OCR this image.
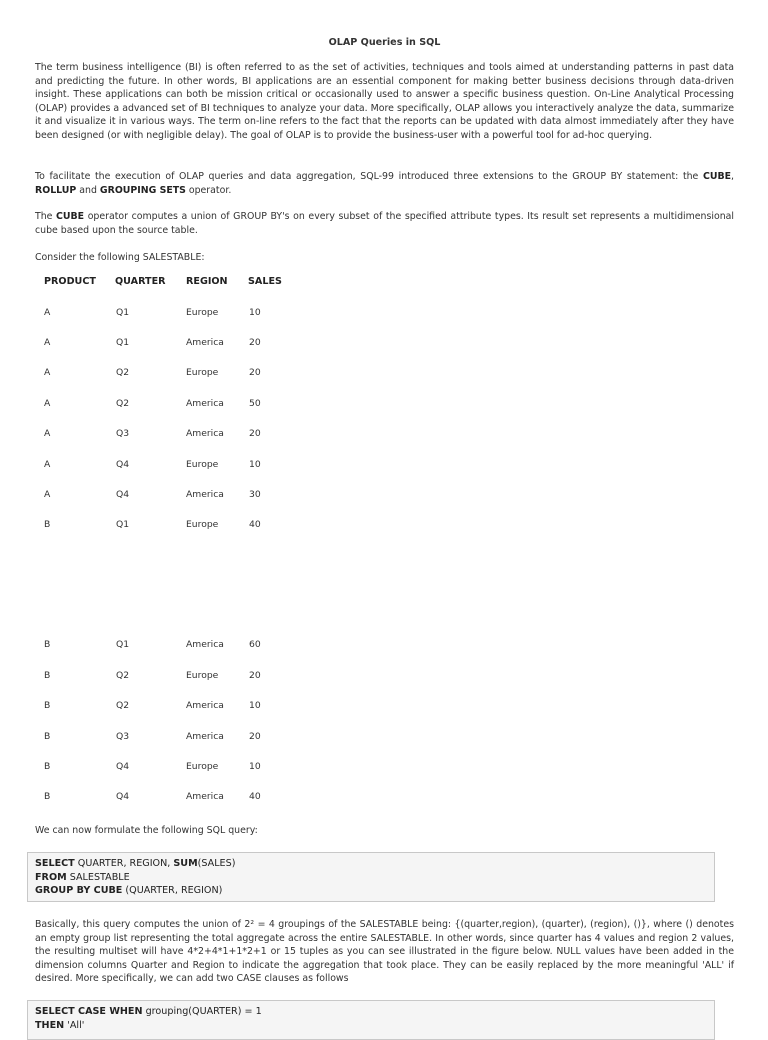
OLAP Queries in SQL

The term business intelligence (BI) is often referred to as the set of activities, techniques and tools aimed at understanding patterns in past data and predicting the future. In other words, BI applications are an essential component for making better business decisions through data-driven insight. These applications can both be mission critical or occasionally used to answer a specific business question. On-Line Analytical Processing (OLAP) provides a advanced set of BI techniques to analyze your data. More specifically, OLAP allows you interactively analyze the data, summarize it and visualize it in various ways. The term on-line refers to the fact that the reports can be updated with data almost immediately after they have been designed (or with negligible delay). The goal of OLAP is to provide the business-user with a powerful tool for ad-hoc querying.

To facilitate the execution of OLAP queries and data aggregation, SQL-99 introduced three extensions to the GROUP BY statement: the CUBE, ROLLUP and GROUPING SETS operator.

The CUBE operator computes a union of GROUP BY's on every subset of the specified attribute types. Its result set represents a multidimensional cube based upon the source table.

Consider the following SALESTABLE:

PRODUCT QUARTER REGION SALES
A	Q1	Europe	10
A	Q1	America	20
A	Q2	Europe	20
A	Q2	America	50
A	Q3	America	20
A	Q4	Europe	10
A	Q4	America	30
B	Q1	Europe	40
B	Q1	America	60
B	Q2	Europe	20
B	Q2	America	10
B	Q3	America	20
B	Q4	Europe	10
B	Q4	America	40

We can now formulate the following SQL query:

SELECT QUARTER, REGION, SUM(SALES)
FROM SALESTABLE
GROUP BY CUBE (QUARTER, REGION)

Basically, this query computes the union of 2² = 4 groupings of the SALESTABLE being: {(quarter,region), (quarter), (region), ()}, where () denotes an empty group list representing the total aggregate across the entire SALESTABLE. In other words, since quarter has 4 values and region 2 values, the resulting multiset will have 4*2+4*1+1*2+1 or 15 tuples as you can see illustrated in the figure below. NULL values have been added in the dimension columns Quarter and Region to indicate the aggregation that took place. They can be easily replaced by the more meaningful 'ALL' if desired. More specifically, we can add two CASE clauses as follows

SELECT CASE WHEN grouping(QUARTER) = 1
THEN 'All'
